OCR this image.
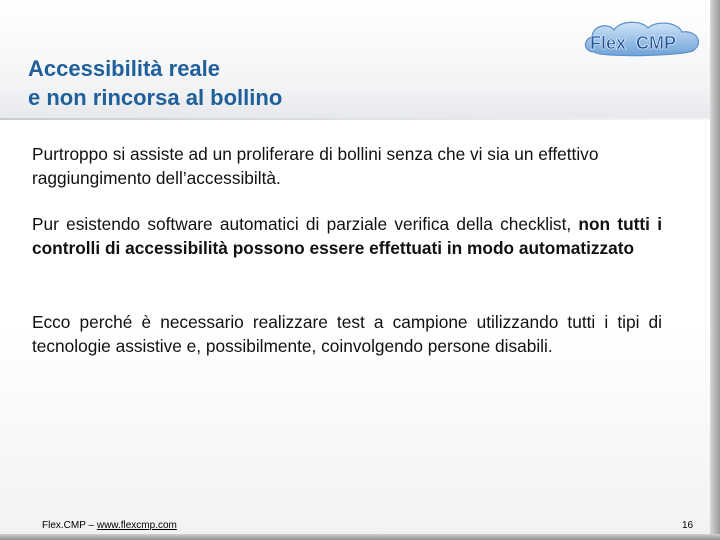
Accessibilità reale
e non rincorsa al bollino
Flex CMP
Purtroppo si assiste ad un proliferare di bollini senza che vi sia un effettivo raggiungimento dell’accessibiltà.
Pur esistendo software automatici di parziale verifica della checklist, non tutti i controlli di accessibilità possono essere effettuati in modo automatizzato
Ecco perché è necessario realizzare test a campione utilizzando tutti i tipi di tecnologie assistive e, possibilmente, coinvolgendo persone disabili.
Flex.CMP – www.flexcmp.com	16
